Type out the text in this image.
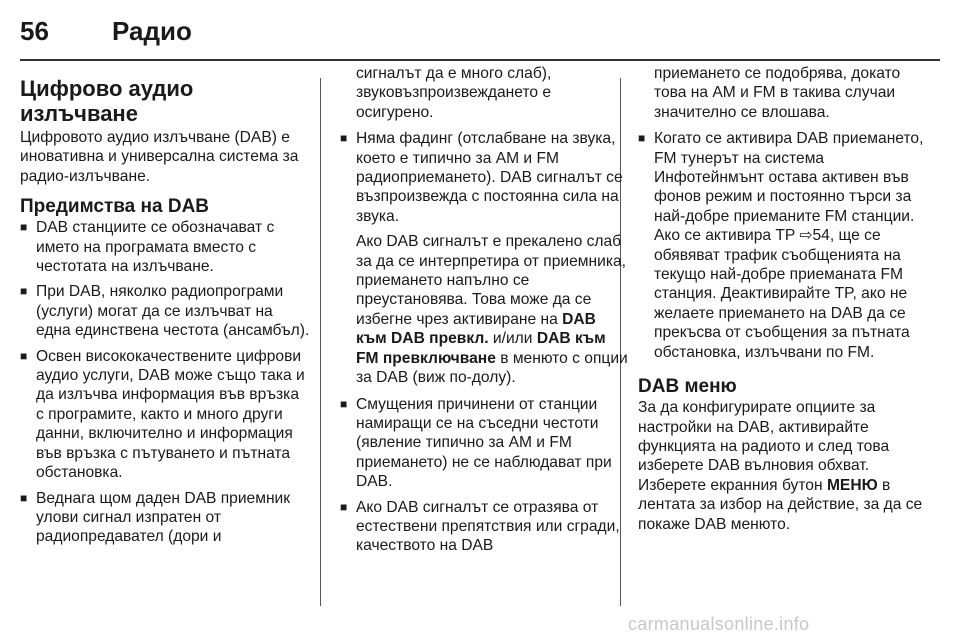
56 Радио
Цифрово аудио
излъчване

Цифровото аудио излъчване (DAB) е иновативна и универсална система за радио-излъчване.

Предимства на DAB
■ DAB станциите се обозначават с името на програмата вместо с честотата на излъчване.
■ При DAB, няколко радиопрограми (услуги) могат да се излъчват на една единствена честота (ансамбъл).
■ Освен висококачествените цифрови аудио услуги, DAB може също така и да излъчва информация във връзка с програмите, както и много други данни, включително и информация във връзка с пътуването и пътната обстановка.
■ Веднага щом даден DAB приемник улови сигнал изпратен от радиопредавател (дори и

сигналът да е много слаб), звуковъзпроизвеждането е осигурено.

■ Няма фадинг (отслабване на звука, което е типично за AM и FM радиоприемането). DAB сигналът се възпроизвежда с постоянна сила на звука.

Ако DAB сигналът е прекалено слаб за да се интерпретира от приемника, приемането напълно се преустановява. Това може да се избегне чрез активиране на DAB към DAB превкл. и/или DAB към FM превключване в менюто с опции за DAB (виж по-долу).

■ Смущения причинени от станции намиращи се на съседни честоти (явление типично за AM и FM приемането) не се наблюдават при DAB.
■ Ако DAB сигналът се отразява от естествени препятствия или сгради, качеството на DAB

приемането се подобрява, докато това на AM и FM в такива случаи значително се влошава.

■ Когато се активира DAB приемането, FM тунерът на система Инфотейнмънт остава активен във фонов режим и постоянно търси за най-добре приеманите FM станции. Ако се активира TP ⇨54, ще се обявяват трафик съобщенията на текущо най-добре приеманата FM станция. Деактивирайте TP, ако не желаете приемането на DAB да се прекъсва от съобщения за пътната обстановка, излъчвани по FM.
DAB меню

За да конфигурирате опциите за настройки на DAB, активирайте функцията на радиото и след това изберете DAB вълновия обхват. Изберете екранния бутон МЕНЮ в лентата за избор на действие, за да се покаже DAB менюто.

carmanualsonline.info
